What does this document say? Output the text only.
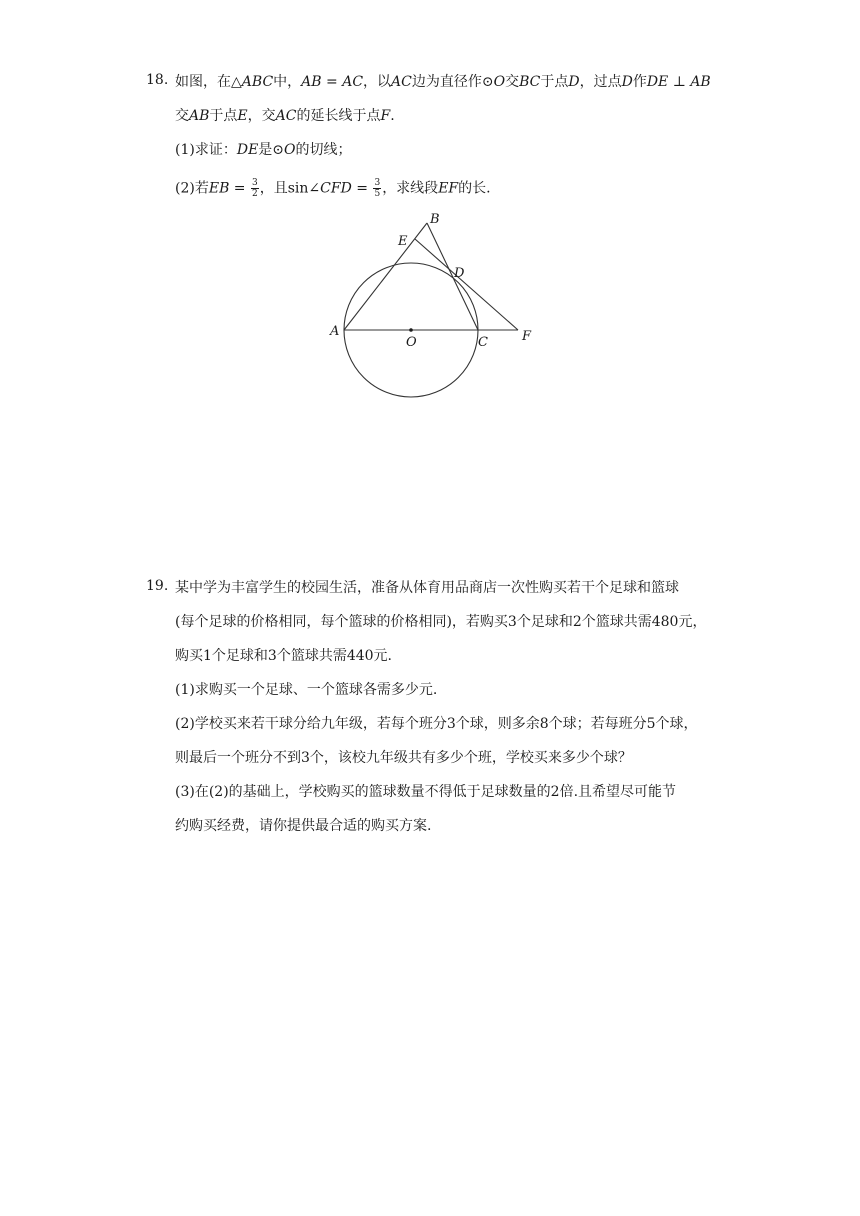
18. 如图，在△ABC中，AB = AC，以AC边为直径作⊙O交BC于点D，过点D作DE ⊥ AB
交AB于点E，交AC的延长线于点F.
(1)求证：DE是⊙O的切线；
(2)若EB = $\frac{3}{2}$ ，且sin∠CFD = $\frac{3}{5}$ ，求线段EF的长.
A
B
C
D
E
F
O
19. 某中学为丰富学生的校园生活，准备从体育用品商店一次性购买若干个足球和篮球
(每个足球的价格相同，每个篮球的价格相同)，若购买3个足球和2个篮球共需480元，
购买1个足球和3个篮球共需440元.
(1)求购买一个足球、一个篮球各需多少元.
(2)学校买来若干球分给九年级，若每个班分3个球，则多余8个球；若每班分5个球，
则最后一个班分不到3个，该校九年级共有多少个班，学校买来多少个球？
(3)在(2)的基础上，学校购买的篮球数量不得低于足球数量的2倍.且希望尽可能节
约购买经费，请你提供最合适的购买方案.
